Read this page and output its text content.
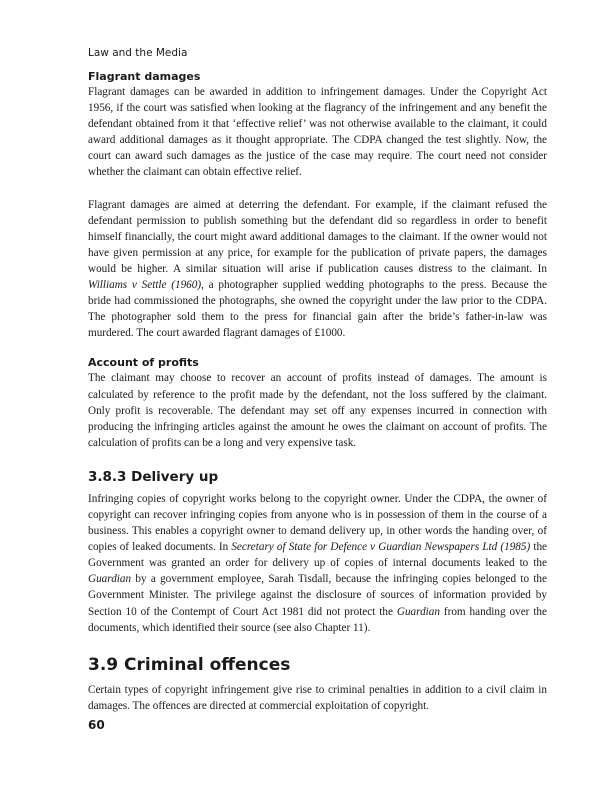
Law and the Media
Flagrant damages

Flagrant damages can be awarded in addition to infringement damages. Under the Copyright Act 1956, if the court was satisfied when looking at the flagrancy of the infringement and any benefit the defendant obtained from it that ‘effective relief’ was not otherwise available to the claimant, it could award additional damages as it thought appropriate. The CDPA changed the test slightly. Now, the court can award such damages as the justice of the case may require. The court need not consider whether the claimant can obtain effective relief.

Flagrant damages are aimed at deterring the defendant. For example, if the claimant refused the defendant permission to publish something but the defendant did so regardless in order to benefit himself financially, the court might award additional damages to the claimant. If the owner would not have given permission at any price, for example for the publication of private papers, the damages would be higher. A similar situation will arise if publication causes distress to the claimant. In Williams v Settle (1960), a photographer supplied wedding photographs to the press. Because the bride had commissioned the photographs, she owned the copyright under the law prior to the CDPA. The photographer sold them to the press for financial gain after the bride’s father-in-law was murdered. The court awarded flagrant damages of £1000.

Account of profits

The claimant may choose to recover an account of profits instead of damages. The amount is calculated by reference to the profit made by the defendant, not the loss suffered by the claimant. Only profit is recoverable. The defendant may set off any expenses incurred in connection with producing the infringing articles against the amount he owes the claimant on account of profits. The calculation of profits can be a long and very expensive task.

3.8.3 Delivery up

Infringing copies of copyright works belong to the copyright owner. Under the CDPA, the owner of copyright can recover infringing copies from anyone who is in possession of them in the course of a business. This enables a copyright owner to demand delivery up, in other words the handing over, of copies of leaked documents. In Secretary of State for Defence v Guardian Newspapers Ltd (1985) the Government was granted an order for delivery up of copies of internal documents leaked to the Guardian by a government employee, Sarah Tisdall, because the infringing copies belonged to the Government Minister. The privilege against the disclosure of sources of information provided by Section 10 of the Contempt of Court Act 1981 did not protect the Guardian from handing over the documents, which identified their source (see also Chapter 11).

3.9 Criminal offences

Certain types of copyright infringement give rise to criminal penalties in addition to a civil claim in damages. The offences are directed at commercial exploitation of copyright.

60
